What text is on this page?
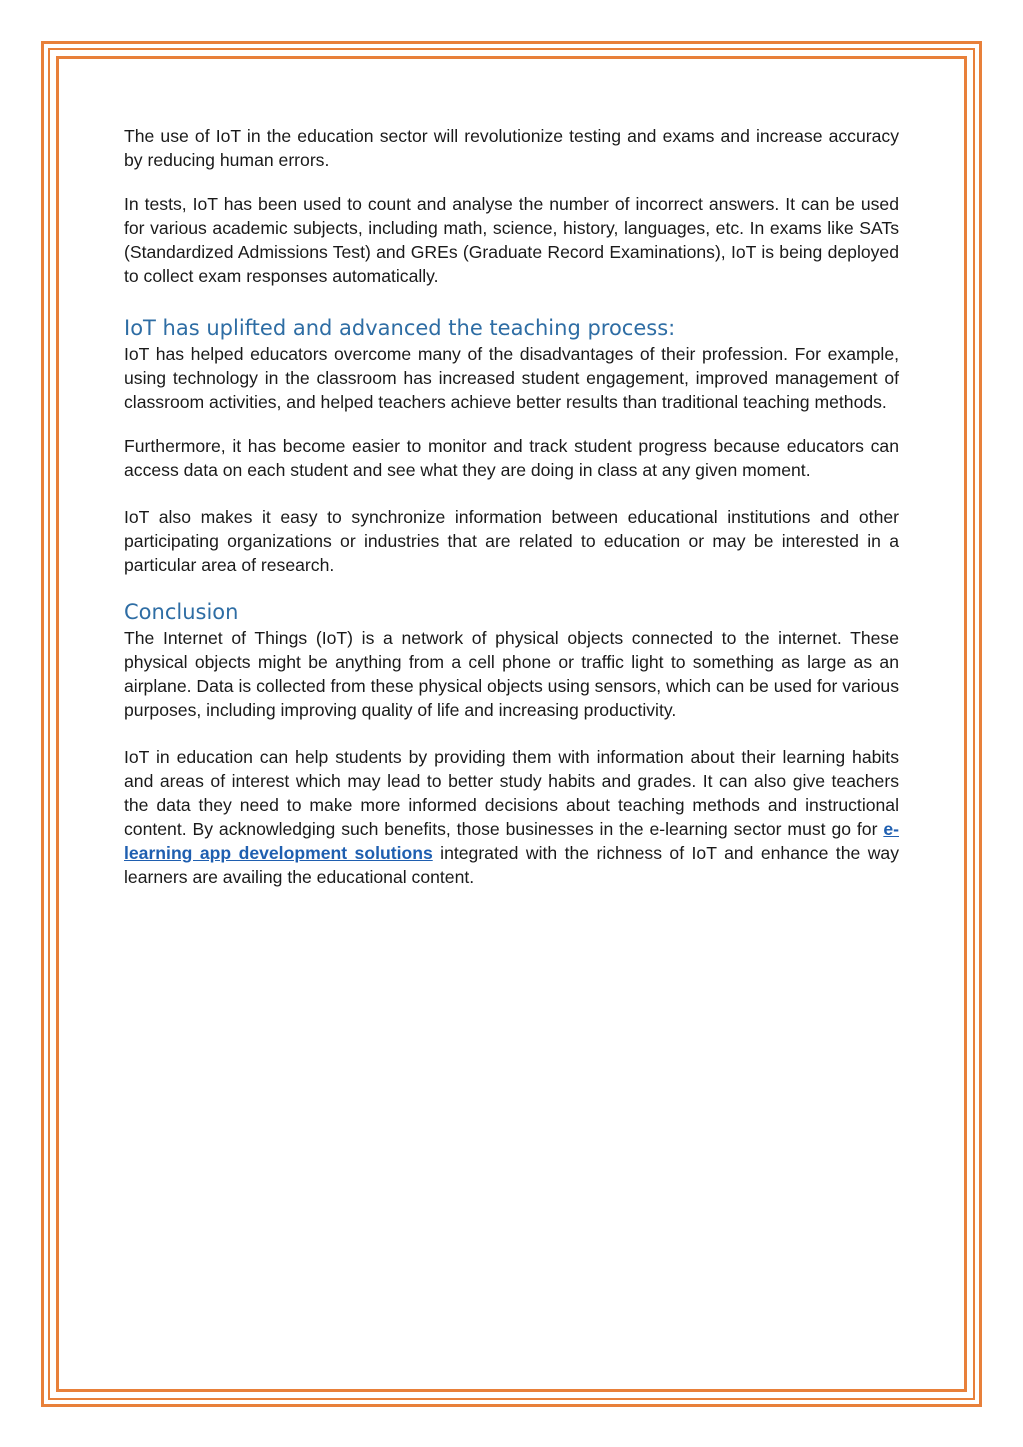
The use of IoT in the education sector will revolutionize testing and exams and increase accuracy by reducing human errors.

In tests, IoT has been used to count and analyse the number of incorrect answers. It can be used for various academic subjects, including math, science, history, languages, etc. In exams like SATs (Standardized Admissions Test) and GREs (Graduate Record Examinations), IoT is being deployed to collect exam responses automatically.

IoT has uplifted and advanced the teaching process:

IoT has helped educators overcome many of the disadvantages of their profession. For example, using technology in the classroom has increased student engagement, improved management of classroom activities, and helped teachers achieve better results than traditional teaching methods.

Furthermore, it has become easier to monitor and track student progress because educators can access data on each student and see what they are doing in class at any given moment.

IoT also makes it easy to synchronize information between educational institutions and other participating organizations or industries that are related to education or may be interested in a particular area of research.

Conclusion

The Internet of Things (IoT) is a network of physical objects connected to the internet. These physical objects might be anything from a cell phone or traffic light to something as large as an airplane. Data is collected from these physical objects using sensors, which can be used for various purposes, including improving quality of life and increasing productivity.

IoT in education can help students by providing them with information about their learning habits and areas of interest which may lead to better study habits and grades. It can also give teachers the data they need to make more informed decisions about teaching methods and instructional content. By acknowledging such benefits, those businesses in the e-learning sector must go for e-learning app development solutions integrated with the richness of IoT and enhance the way learners are availing the educational content.
